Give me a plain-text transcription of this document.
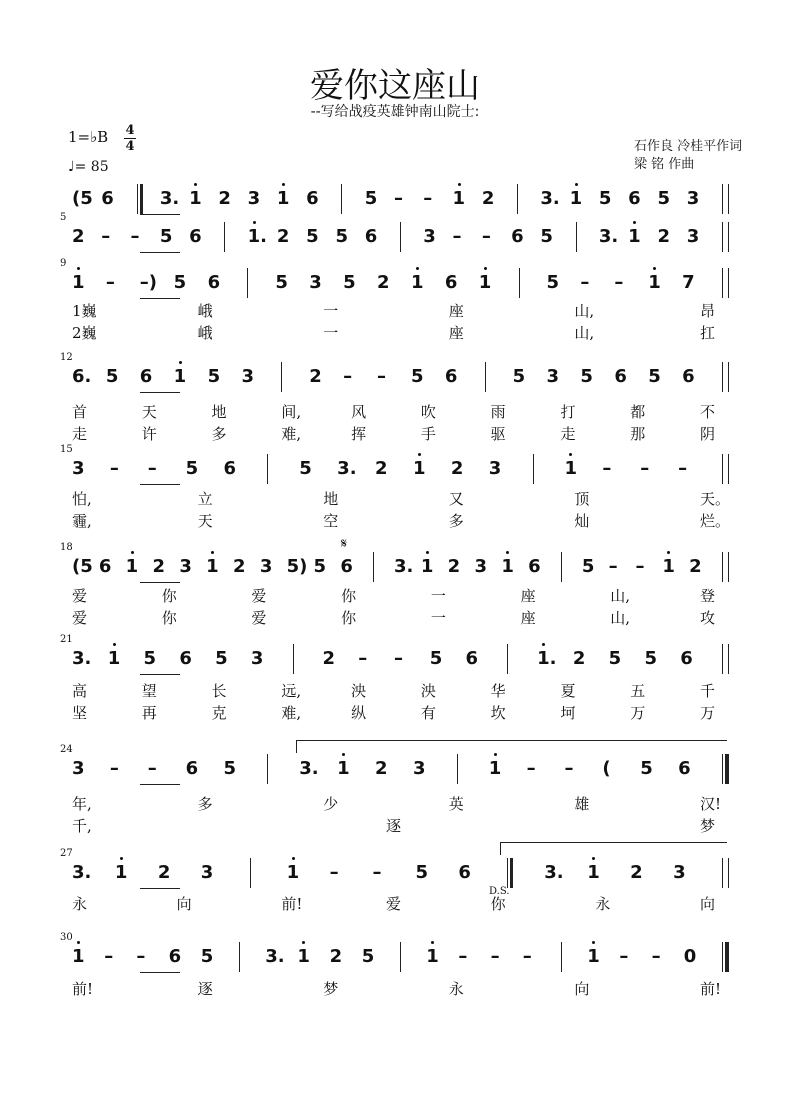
爱你这座山
--写给战疫英雄钟南山院士:
1=♭B 4
4
♩= 85
石作良 冷桂平作词
梁 铭 作曲
(5 6	3. 1 2 3 1 6	5 – – 1 2	3. 1 5 6 5 3
5
2 – – 5 6	1. 2 5 5 6	3 – – 6 5	3. 1 2 3
9
1 – –) 5 6	5 3 5 2 1 6 1	5 – – 1 7
1巍	峨	一	座	山,	昂
2巍	峨	一	座	山,	扛
12
6. 5 6 1 5 3	2 – – 5 6	5 3 5 6 5 6
首	天	地	间,	风	吹	雨	打	都	不
走	许	多	难,	挥	手	驱	走	那	阴
15
3 – – 5 6	5 3. 2 1 2 3	1 – – –
怕,	立	地	又	顶	天。
霾,	天	空	多	灿	烂。
18
(5 6 1 2 3 1 2 3 5) 5 6 3. 1 2 3 1 6 5 – – 1 2
爱	你	爱	你	一	座	山,	登
爱	你	爱	你	一	座	山,	攻
21
3. 1 5 6 5 3	2 – – 5 6	1. 2 5 5 6
高	望	长	远,	泱	泱	华	夏	五	千
坚	再	克	难,	纵	有	坎	坷	万	万
24
3 – – 6 5	3. 1 2 3	1 – – ( 5 6
年,	多	少	英	雄	汉!
千,	逐	梦
27
3. 1 2 3	1 – – 5 6	3. 1 2 3
永	向	前!	爱	你	永	向
30
1 – – 6 5	3. 1 2 5	1 – – –	1 – – 0
前!	逐	梦	永	向	前!
𝄋
D.S.
